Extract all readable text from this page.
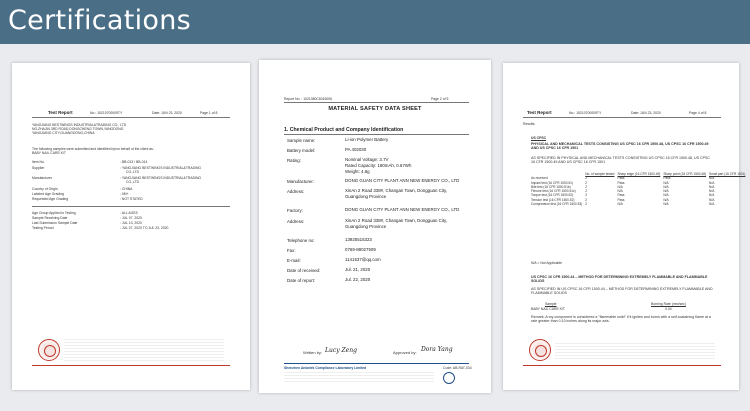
Certifications
Test Report	No.: 15210700009TY	Date: JUN 23, 2020	Page 1 of 8
YANGJIANG BESTWINGS INDUSTRIAL&TRADING CO., LTD
NO.ZHAJIN 3RD ROAD,DONGCHENG TOWN,YANGDONG
YANGJIANG CITY,GUANGDONG,CHINA
The following samples were submitted and identified by/on behalf of the client as:
BABY NAIL CARE KIT
Item No.	: BB-013 / BB-014
Supplier	: YANGJIANG BESTWINGS INDUSTRIAL&TRADING
CO.,LTD
Manufacturer	: YANGJIANG BESTWINGS INDUSTRIAL&TRADING
CO.,LTD
Country of Origin	: CHINA
Labeled Age Grading	: 0M+
Requested Age Grading	: NOT STATED
Age Group Applied in Testing	: ALL AGES
Sample Receiving Date	: JUL 07, 2020
Last Submission Sample Date	: JUL 13, 2020
Testing Period	: JUL 07, 2020 TO JUL 23, 2020
Report No. : 1021080C6015006	Page 2 of 9
MATERIAL SAFETY DATA SHEET
1. Chemical Product and Company Identification
Sample name:	Li-ion Polymer Battery
Battery model:	PA 402030
Rating:	Nominal Voltage: 3.7V
Rated Capacity: 180mAh, 0.67Wh
Weight: 4.8g
Manufacturer:	DONG GUAN CITY PLANT ANN NEW ENERGY CO., LTD
Address:	XinAn 2 Road 338#, Changan Town, Dongguan City,
Guangdong Province
Factory:	DONG GUAN CITY PLANT ANN NEW ENERGY CO., LTD
Address:	XinAn 2 Road 338#, Changan Town, Dongguan City,
Guangdong Province
Telephone no:	13925516323
Fax:	0769-88027509
E-mail:	1141537@qq.com
Date of received:	Jul. 21, 2020
Date of report:	Jul. 22, 2020
Written by: Lucy Zeng	Approved by: Dora Yang
Shenzhen Anbotek Compliance Laboratory Limited	Code: AB-RAT-034
Test Report	No.: 15210700009TY	Date: JUN 23, 2020	Page 4 of 8
Results:
US CPSC
PHYSICAL AND MECHANICAL TESTS CONSISTING US CPSC 16 CFR 1500.48, US CPSC 16 CFR 1500.49 AND US CPSC 16 CFR 1501
AS SPECIFIED IN PHYSICAL AND MECHANICAL TESTS CONSISTING US CPSC 16 CFR 1500.48, US CPSC 16 CFR 1500.49 AND US CPSC 16 CFR 1501
	No. of sample tested	Sharp edge (16 CFR 1500.49)	Sharp point (16 CFR 1500.48)	Small part (16 CFR 1501)
As received	2	Pass	Pass	N/A
Impact test (16 CFR 1500.51)	2	Pass	N/A	N/A
Bite test (16 CFR 1500.51b)	2	N/A	N/A	N/A
Flexure test (16 CFR 1500.51c)	2	N/A	N/A	N/A
Torque test (16 CFR 1500.52)	2	Pass	N/A	N/A
Tension test (16 CFR 1500.52)	2	Pass	N/A	N/A
Compression test (16 CFR 1500.53)	2	N/A	N/A	N/A
N/A = Not Applicable
US CPSC 16 CFR 1500.44 – METHOD FOR DETERMINING EXTREMELY FLAMMABLE AND FLAMMABLE SOLIDS
AS SPECIFIED IN US CPSC 16 CFR 1500.44 – METHOD FOR DETERMINING EXTREMELY FLAMMABLE AND FLAMMABLE SOLIDS
Sample	Burning Rate (mm/sec)
BABY NAIL CARE KIT	0.04
Remark: A toy component is considered a "flammable solid" if it ignites and burns with a self-sustaining flame at a rate greater than 0.10 inches along its major axis.
